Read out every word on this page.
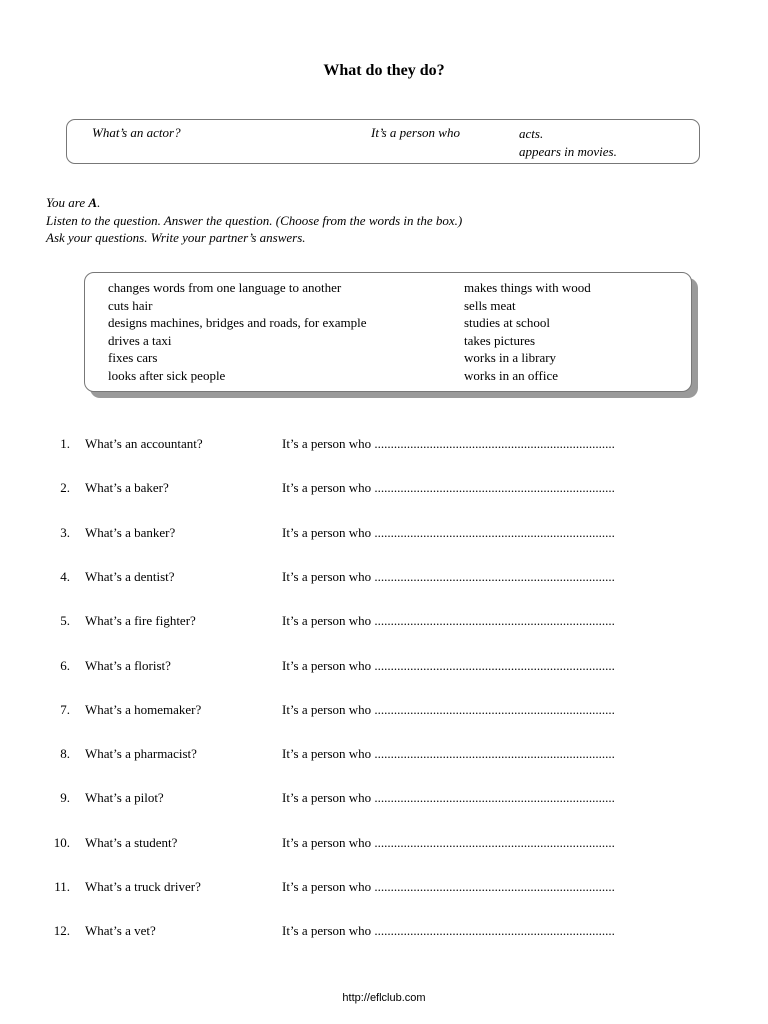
What do they do?
What’s an actor?	It’s a person who	acts.
appears in movies.
You are A.
Listen to the question. Answer the question. (Choose from the words in the box.)
Ask your questions. Write your partner’s answers.
changes words from one language to another
cuts hair
designs machines, bridges and roads, for example
drives a taxi
fixes cars
looks after sick people
makes things with wood
sells meat
studies at school
takes pictures
works in a library
works in an office
1. What’s an accountant?	It’s a person who ..........................................................................
2. What’s a baker?	It’s a person who ..........................................................................
3. What’s a banker?	It’s a person who ..........................................................................
4. What’s a dentist?	It’s a person who ..........................................................................
5. What’s a fire fighter?	It’s a person who ..........................................................................
6. What’s a florist?	It’s a person who ..........................................................................
7. What’s a homemaker?	It’s a person who ..........................................................................
8. What’s a pharmacist?	It’s a person who ..........................................................................
9. What’s a pilot?	It’s a person who ..........................................................................
10. What’s a student?	It’s a person who ..........................................................................
11. What’s a truck driver?	It’s a person who ..........................................................................
12. What’s a vet?	It’s a person who ..........................................................................
http://eflclub.com
